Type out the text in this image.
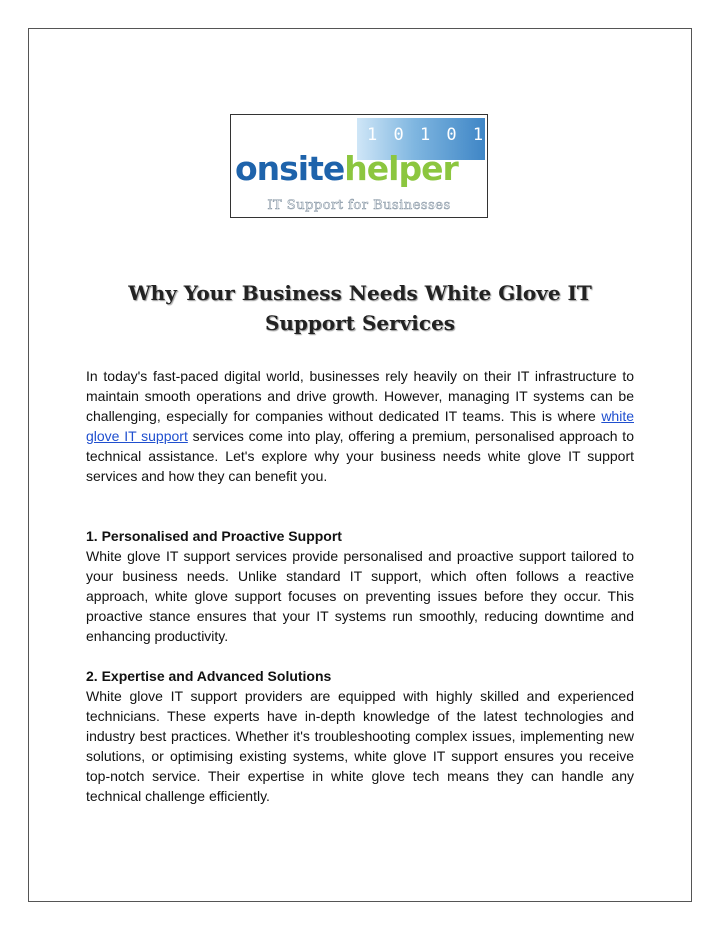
1 0 1 0 1 0 1
onsitehelper
IT Support for Businesses
Why Your Business Needs White Glove IT Support Services

In today's fast-paced digital world, businesses rely heavily on their IT infrastructure to maintain smooth operations and drive growth. However, managing IT systems can be challenging, especially for companies without dedicated IT teams. This is where white glove IT support services come into play, offering a premium, personalised approach to technical assistance. Let's explore why your business needs white glove IT support services and how they can benefit you.

1. Personalised and Proactive Support
White glove IT support services provide personalised and proactive support tailored to your business needs. Unlike standard IT support, which often follows a reactive approach, white glove support focuses on preventing issues before they occur. This proactive stance ensures that your IT systems run smoothly, reducing downtime and enhancing productivity.

2. Expertise and Advanced Solutions
White glove IT support providers are equipped with highly skilled and experienced technicians. These experts have in-depth knowledge of the latest technologies and industry best practices. Whether it's troubleshooting complex issues, implementing new solutions, or optimising existing systems, white glove IT support ensures you receive top-notch service. Their expertise in white glove tech means they can handle any technical challenge efficiently.
